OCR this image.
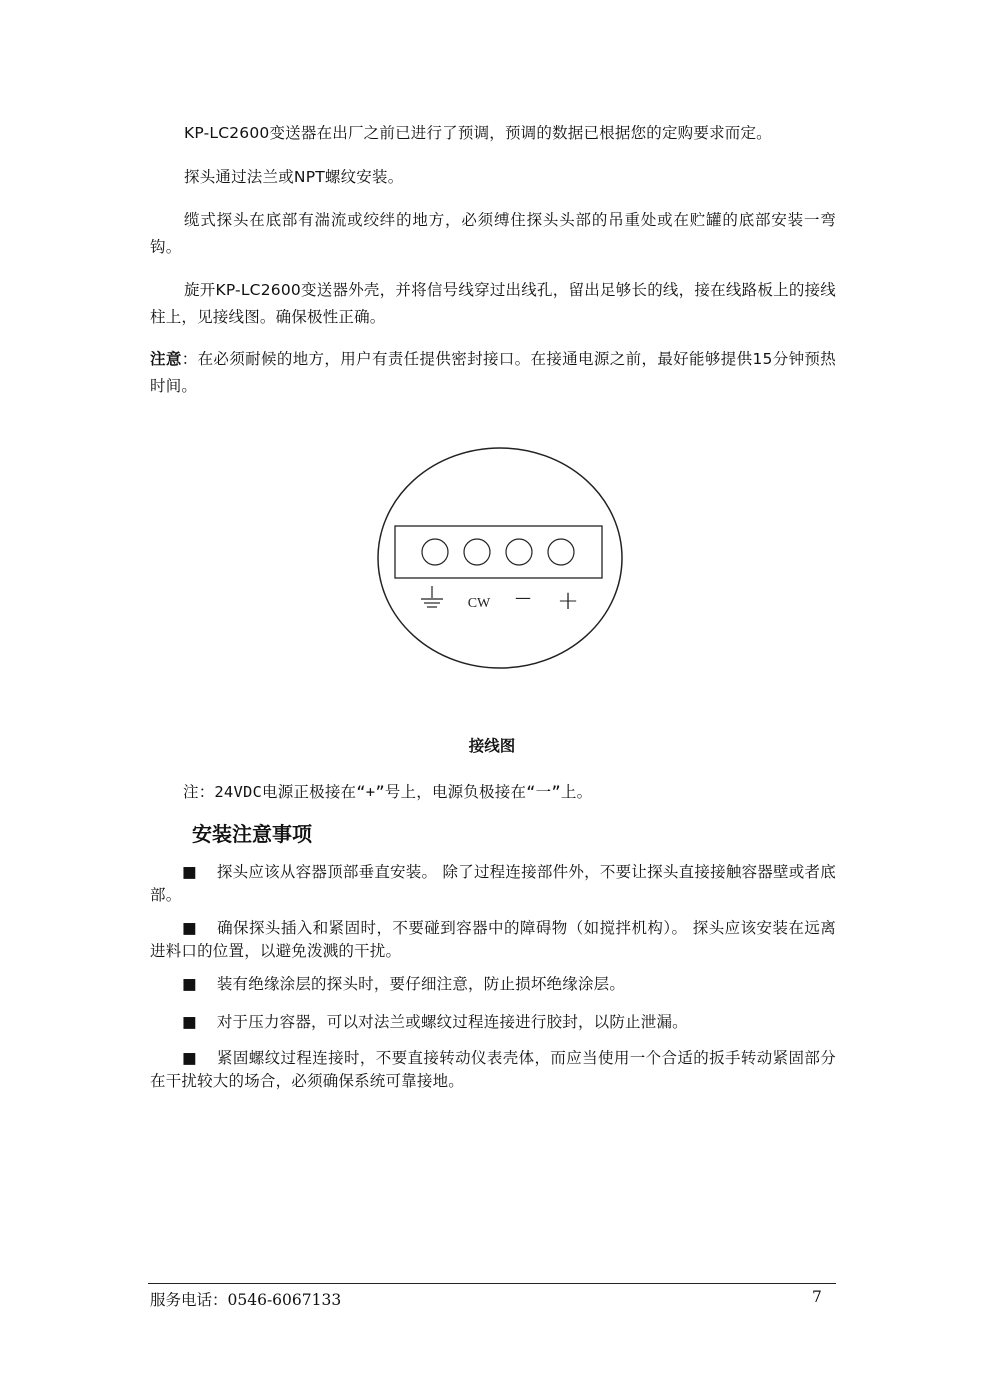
KP-LC2600变送器在出厂之前已进行了预调，预调的数据已根据您的定购要求而定。

探头通过法兰或NPT螺纹安装。

缆式探头在底部有湍流或绞绊的地方，必须缚住探头头部的吊重处或在贮罐的底部安装一弯钩。

旋开KP-LC2600变送器外壳，并将信号线穿过出线孔，留出足够长的线，接在线路板上的接线柱上，见接线图。确保极性正确。

注意：在必须耐候的地方，用户有责任提供密封接口。在接通电源之前，最好能够提供15分钟预热时间。

CW — +
接线图
注：24VDC电源正极接在“+”号上，电源负极接在“一”上。
安装注意事项
■ 探头应该从容器顶部垂直安装。 除了过程连接部件外，不要让探头直接接触容器壁或者底部。
■ 确保探头插入和紧固时，不要碰到容器中的障碍物（如搅拌机构）。 探头应该安装在远离进料口的位置，以避免泼溅的干扰。
■ 装有绝缘涂层的探头时，要仔细注意，防止损坏绝缘涂层。
■ 对于压力容器，可以对法兰或螺纹过程连接进行胶封，以防止泄漏。
■ 紧固螺纹过程连接时，不要直接转动仪表壳体，而应当使用一个合适的扳手转动紧固部分在干扰较大的场合，必须确保系统可靠接地。
服务电话：0546-6067133	7
